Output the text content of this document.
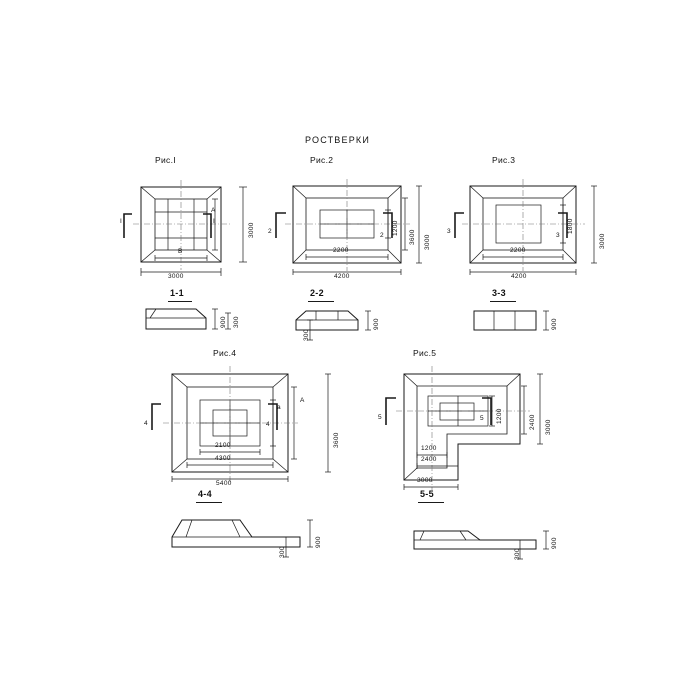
РОСТВЕРКИ
Рис.I	Рис.2	Рис.3
A
B
3000
3000
I	I
1-1
900 300
1200
3600 3000
2200
4200
2
2
2-2
900
300
1800
3000
2200
4200
3
3
3-3
900
Рис.4	Рис.5
A
a
3600
2100
4300
5400
4	4
4-4
900
300
1200	2400 3000
1200
2400
3000
5	5
5-5
900
300
